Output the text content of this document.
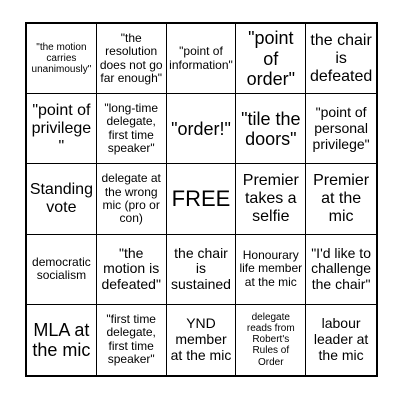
"the motion carries unanimously"
"the resolution does not go far enough"
"point of information"
"point of order"
the chair is defeated
"point of privilege"
"long-time delegate, first time speaker"
"order!"
"tile the doors"
"point of personal privilege"
Standing vote
delegate at the wrong mic (pro or con)
FREE
Premier takes a selfie
Premier at the mic
democratic socialism
"the motion is defeated"
the chair is sustained
Honourary life member at the mic
"I'd like to challenge the chair"
MLA at the mic
"first time delegate, first time speaker"
YND member at the mic
delegate reads from Robert's Rules of Order
labour leader at the mic
